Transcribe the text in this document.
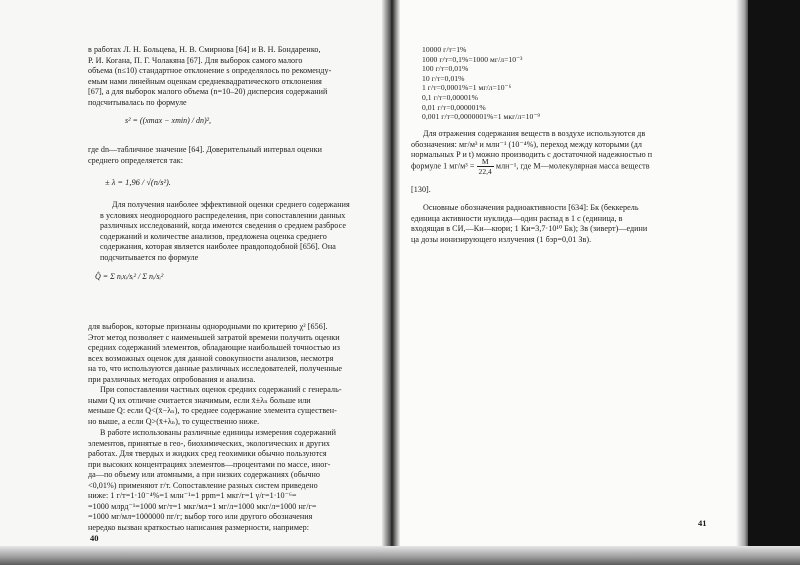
в работах Л. Н. Больцева, Н. В. Смирнова [64] и В. Н. Бондаренко,
Р. И. Когана, П. Г. Чолакяна [67]. Для выборок самого малого
объема (n≤10) стандартное отклонение s определялось по рекоменду-
емым нами линейным оценкам среднеквадратического отклонения
[67], а для выборок малого объема (n=10–20) дисперсия содержаний
подсчитывалась по формуле
s² = ((xmax − xmin) / dn)²,
где dn—табличное значение [64]. Доверительный интервал оценки
среднего определяется так:
± λ = 1,96 / √(n/s²).
Для получения наиболее эффективной оценки среднего содержания
в условиях неоднородного распределения, при сопоставлении данных
различных исследований, когда имеются сведения о среднем разбросе
содержаний и количестве анализов, предложена оценка среднего
содержания, которая является наиболее правдоподобной [656]. Она
подсчитывается по формуле
Q̂ = Σ nᵢxᵢ/sᵢ² / Σ nᵢ/sᵢ²
для выборок, которые признаны однородными по критерию χ² [656].
Этот метод позволяет с наименьшей затратой времени получить оценки
средних содержаний элементов, обладающие наибольшей точностью из
всех возможных оценок для данной совокупности анализов, несмотря
на то, что используются данные различных исследователей, полученные
при различных методах опробования и анализа.
При сопоставлении частных оценок средних содержаний с генераль-
ными Q их отличие считается значимым, если x̄±λₙ больше или
меньше Q: если Q<(x̄−λₙ), то среднее содержание элемента существен-
но выше, а если Q>(x̄+λₙ), то существенно ниже.
В работе использованы различные единицы измерения содержаний
элементов, принятые в гео-, биохимических, экологических и других
работах. Для твердых и жидких сред геохимики обычно пользуются
при высоких концентрациях элементов—процентами по массе, иног-
да—по объему или атомными, а при низких содержаниях (обычно
<0,01%) применяют г/т. Сопоставление разных систем приведено
ниже: 1 г/т=1·10⁻⁴%=1 млн⁻¹=1 ppm=1 мкг/г=1 γ/г=1·10⁻⁶=
=1000 млрд⁻¹=1000 мг/т=1 мкг/мл=1 мг/л=1000 мкг/л=1000 нг/г=
=1000 мг/мл=1000000 пг/г; выбор того или другого обозначения
нередко вызван краткостью написания размерности, например:
40
10000 г/т=1%
1000 г/т=0,1%=1000 мг/л=10⁻³
100 г/т=0,01%
10 г/т=0,01%
1 г/т=0,0001%=1 мг/л=10⁻⁶
0,1 г/т=0,00001%
0,01 г/т=0,000001%
0,001 г/т=0,0000001%=1 мкг/л=10⁻⁹
Для отражения содержания веществ в воздухе используются дв
обозначения: мг/м³ и млн⁻¹ (10⁻⁴%), переход между которыми (дл
нормальных P и t) можно производить с достаточной надежностью п
формуле 1 $мг/м^3 = \frac{M}{22,4} млн^{-1}$, где M—молекулярная масса веществ
[130].
Основные обозначения радиоактивности [634]: Бк (беккерель
единица активности нуклида—один распад в 1 с (единица, в
входящая в СИ,—Ки—кюри; 1 Ки=3,7·10¹⁰ Бк); Зв (зиверт)—едини
ца дозы ионизирующего излучения (1 бэр=0,01 Зв).
41
